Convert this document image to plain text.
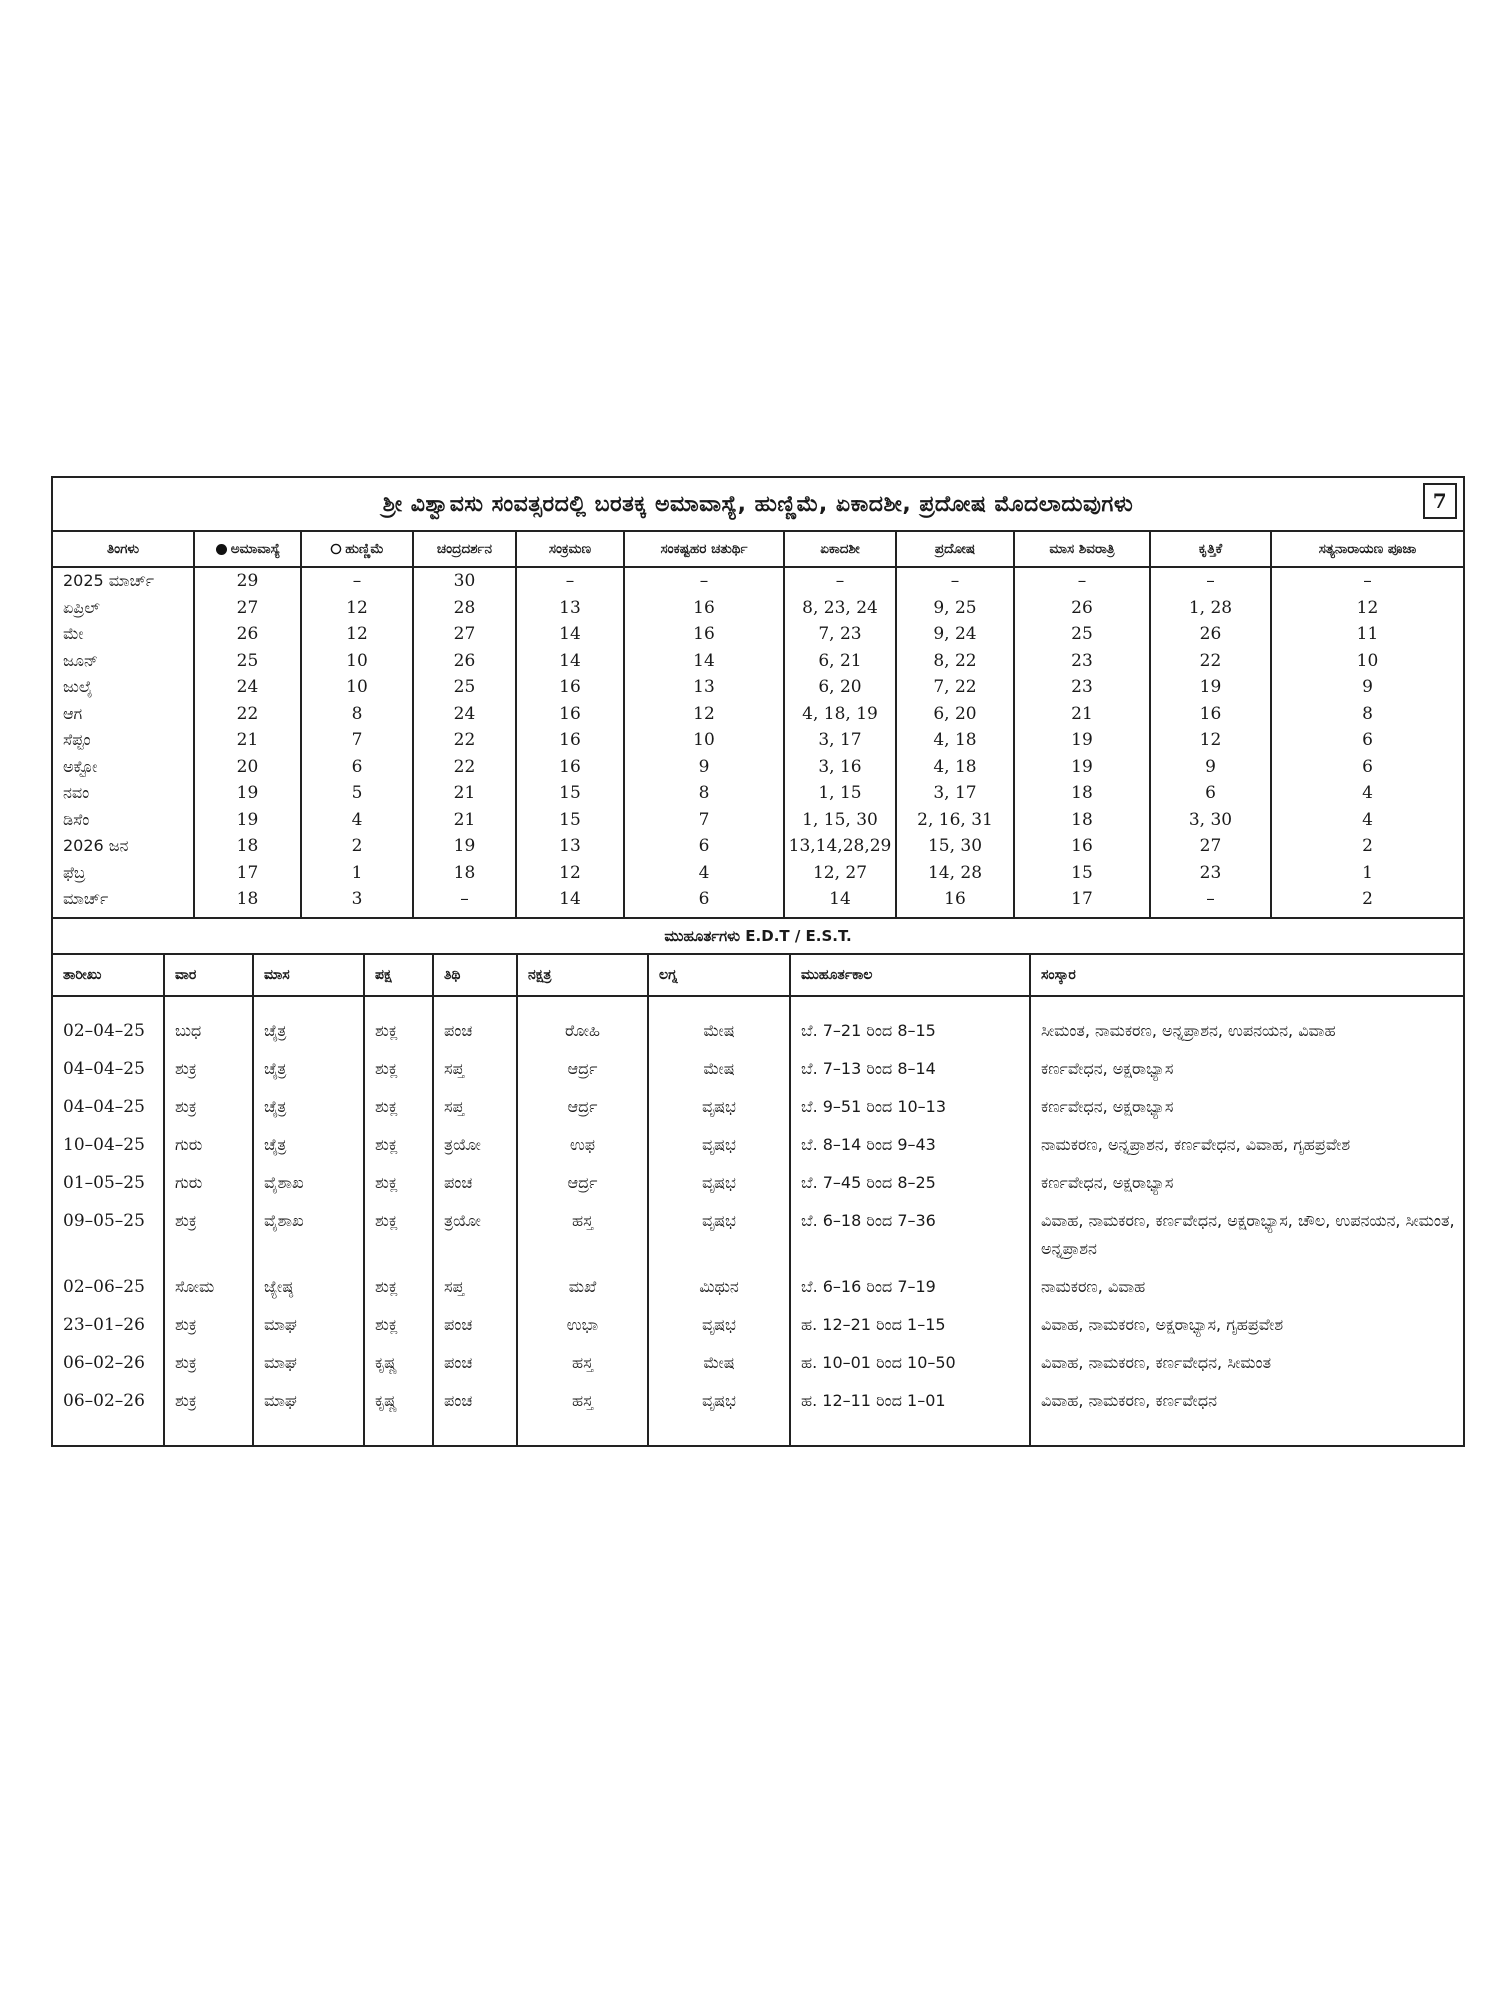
ಶ್ರೀ ವಿಶ್ವಾವಸು ಸಂವತ್ಸರದಲ್ಲಿ ಬರತಕ್ಕ ಅಮಾವಾಸ್ಯೆ, ಹುಣ್ಣಿಮೆ, ಏಕಾದಶೀ, ಪ್ರದೋಷ ಮೊದಲಾದುವುಗಳು	7
ತಿಂಗಳು	ಅಮಾವಾಸ್ಯೆ	ಹುಣ್ಣಿಮೆ	ಚಂದ್ರದರ್ಶನ	ಸಂಕ್ರಮಣ	ಸಂಕಷ್ಟಹರ ಚತುರ್ಥಿ	ಏಕಾದಶೀ	ಪ್ರದೋಷ	ಮಾಸ ಶಿವರಾತ್ರಿ	ಕೃತ್ತಿಕೆ	ಸತ್ಯನಾರಾಯಣ ಪೂಜಾ
2025 ಮಾರ್ಚ್	29	–	30	–	–	–	–	–	–	–
ಏಪ್ರಿಲ್	27	12	28	13	16	8, 23, 24	9, 25	26	1, 28	12
ಮೇ	26	12	27	14	16	7, 23	9, 24	25	26	11
ಜೂನ್	25	10	26	14	14	6, 21	8, 22	23	22	10
ಜುಲೈ	24	10	25	16	13	6, 20	7, 22	23	19	9
ಆಗ	22	8	24	16	12	4, 18, 19	6, 20	21	16	8
ಸೆಪ್ಟಂ	21	7	22	16	10	3, 17	4, 18	19	12	6
ಅಕ್ಟೋ	20	6	22	16	9	3, 16	4, 18	19	9	6
ನವಂ	19	5	21	15	8	1, 15	3, 17	18	6	4
ಡಿಸೆಂ	19	4	21	15	7	1, 15, 30	2, 16, 31	18	3, 30	4
2026 ಜನ	18	2	19	13	6	13,14,28,29	15, 30	16	27	2
ಫೆಬ್ರ	17	1	18	12	4	12, 27	14, 28	15	23	1
ಮಾರ್ಚ್	18	3	–	14	6	14	16	17	–	2
ಮುಹೂರ್ತಗಳು E.D.T / E.S.T.
ತಾರೀಖು	ವಾರ	ಮಾಸ	ಪಕ್ಷ	ತಿಥಿ	ನಕ್ಷತ್ರ	ಲಗ್ನ	ಮುಹೂರ್ತಕಾಲ	ಸಂಸ್ಕಾರ
02–04–25	ಬುಧ	ಚೈತ್ರ	ಶುಕ್ಲ	ಪಂಚ	ರೋಹಿ	ಮೇಷ	ಬೆ. 7–21 ರಿಂದ 8–15	ಸೀಮಂತ, ನಾಮಕರಣ, ಅನ್ನಪ್ರಾಶನ, ಉಪನಯನ, ವಿವಾಹ
04–04–25	ಶುಕ್ರ	ಚೈತ್ರ	ಶುಕ್ಲ	ಸಪ್ತ	ಆರ್ದ್ರ	ಮೇಷ	ಬೆ. 7–13 ರಿಂದ 8–14	ಕರ್ಣವೇಧನ, ಅಕ್ಷರಾಭ್ಯಾಸ
04–04–25	ಶುಕ್ರ	ಚೈತ್ರ	ಶುಕ್ಲ	ಸಪ್ತ	ಆರ್ದ್ರ	ವೃಷಭ	ಬೆ. 9–51 ರಿಂದ 10–13	ಕರ್ಣವೇಧನ, ಅಕ್ಷರಾಭ್ಯಾಸ
10–04–25	ಗುರು	ಚೈತ್ರ	ಶುಕ್ಲ	ತ್ರಯೋ	ಉಫ	ವೃಷಭ	ಬೆ. 8–14 ರಿಂದ 9–43	ನಾಮಕರಣ, ಅನ್ನಪ್ರಾಶನ, ಕರ್ಣವೇಧನ, ವಿವಾಹ, ಗೃಹಪ್ರವೇಶ
01–05–25	ಗುರು	ವೈಶಾಖ	ಶುಕ್ಲ	ಪಂಚ	ಆರ್ದ್ರ	ವೃಷಭ	ಬೆ. 7–45 ರಿಂದ 8–25	ಕರ್ಣವೇಧನ, ಅಕ್ಷರಾಭ್ಯಾಸ
09–05–25	ಶುಕ್ರ	ವೈಶಾಖ	ಶುಕ್ಲ	ತ್ರಯೋ	ಹಸ್ತ	ವೃಷಭ	ಬೆ. 6–18 ರಿಂದ 7–36	ವಿವಾಹ, ನಾಮಕರಣ, ಕರ್ಣವೇಧನ, ಅಕ್ಷರಾಭ್ಯಾಸ, ಚೌಲ, ಉಪನಯನ, ಸೀಮಂತ, ಅನ್ನಪ್ರಾಶನ
02–06–25	ಸೋಮ	ಜ್ಯೇಷ್ಠ	ಶುಕ್ಲ	ಸಪ್ತ	ಮಖೆ	ಮಿಥುನ	ಬೆ. 6–16 ರಿಂದ 7–19	ನಾಮಕರಣ, ವಿವಾಹ
23–01–26	ಶುಕ್ರ	ಮಾಘ	ಶುಕ್ಲ	ಪಂಚ	ಉಭಾ	ವೃಷಭ	ಹ. 12–21 ರಿಂದ 1–15	ವಿವಾಹ, ನಾಮಕರಣ, ಅಕ್ಷರಾಭ್ಯಾಸ, ಗೃಹಪ್ರವೇಶ
06–02–26	ಶುಕ್ರ	ಮಾಘ	ಕೃಷ್ಣ	ಪಂಚ	ಹಸ್ತ	ಮೇಷ	ಹ. 10–01 ರಿಂದ 10–50	ವಿವಾಹ, ನಾಮಕರಣ, ಕರ್ಣವೇಧನ, ಸೀಮಂತ
06–02–26	ಶುಕ್ರ	ಮಾಘ	ಕೃಷ್ಣ	ಪಂಚ	ಹಸ್ತ	ವೃಷಭ	ಹ. 12–11 ರಿಂದ 1–01	ವಿವಾಹ, ನಾಮಕರಣ, ಕರ್ಣವೇಧನ
